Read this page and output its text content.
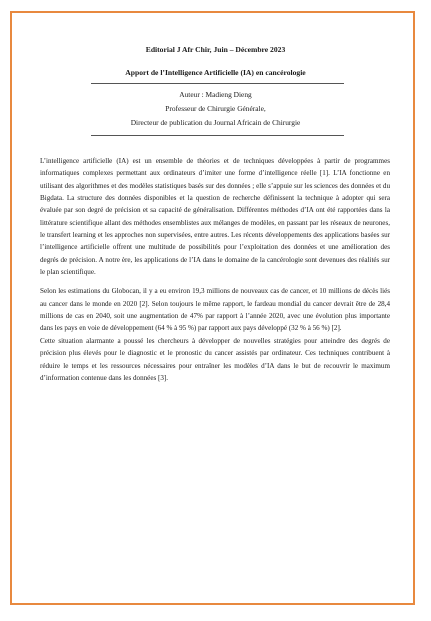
Editorial J Afr Chir, Juin – Décembre 2023
Apport de l’Intelligence Artificielle (IA) en cancérologie
Auteur : Madieng Dieng
Professeur de Chirurgie Générale,
Directeur de publication du Journal Africain de Chirurgie

L’intelligence artificielle (IA) est un ensemble de théories et de techniques développées à partir de programmes informatiques complexes permettant aux ordinateurs d’imiter une forme d’intelligence réelle [1]. L’IA fonctionne en utilisant des algorithmes et des modèles statistiques basés sur des données ; elle s’appuie sur les sciences des données et du Bigdata. La structure des données disponibles et la question de recherche définissent la technique à adopter qui sera évaluée par son degré de précision et sa capacité de généralisation. Différentes méthodes d’IA ont été rapportées dans la littérature scientifique allant des méthodes ensemblistes aux mélanges de modèles, en passant par les réseaux de neurones, le transfert learning et les approches non supervisées, entre autres. Les récents développements des applications basées sur l’intelligence artificielle offrent une multitude de possibilités pour l’exploitation des données et une amélioration des degrés de précision. A notre ère, les applications de l’IA dans le domaine de la cancérologie sont devenues des réalités sur le plan scientifique.

Selon les estimations du Globocan, il y a eu environ 19,3 millions de nouveaux cas de cancer, et 10 millions de décès liés au cancer dans le monde en 2020 [2]. Selon toujours le même rapport, le fardeau mondial du cancer devrait être de 28,4 millions de cas en 2040, soit une augmentation de 47% par rapport à l’année 2020, avec une évolution plus importante dans les pays en voie de développement (64 % à 95 %) par rapport aux pays développé (32 % à 56 %) [2].

Cette situation alarmante a poussé les chercheurs à développer de nouvelles stratégies pour atteindre des degrés de précision plus élevés pour le diagnostic et le pronostic du cancer assistés par ordinateur. Ces techniques contribuent à réduire le temps et les ressources nécessaires pour entraîner les modèles d’IA dans le but de recouvrir le maximum d’information contenue dans les données [3].
